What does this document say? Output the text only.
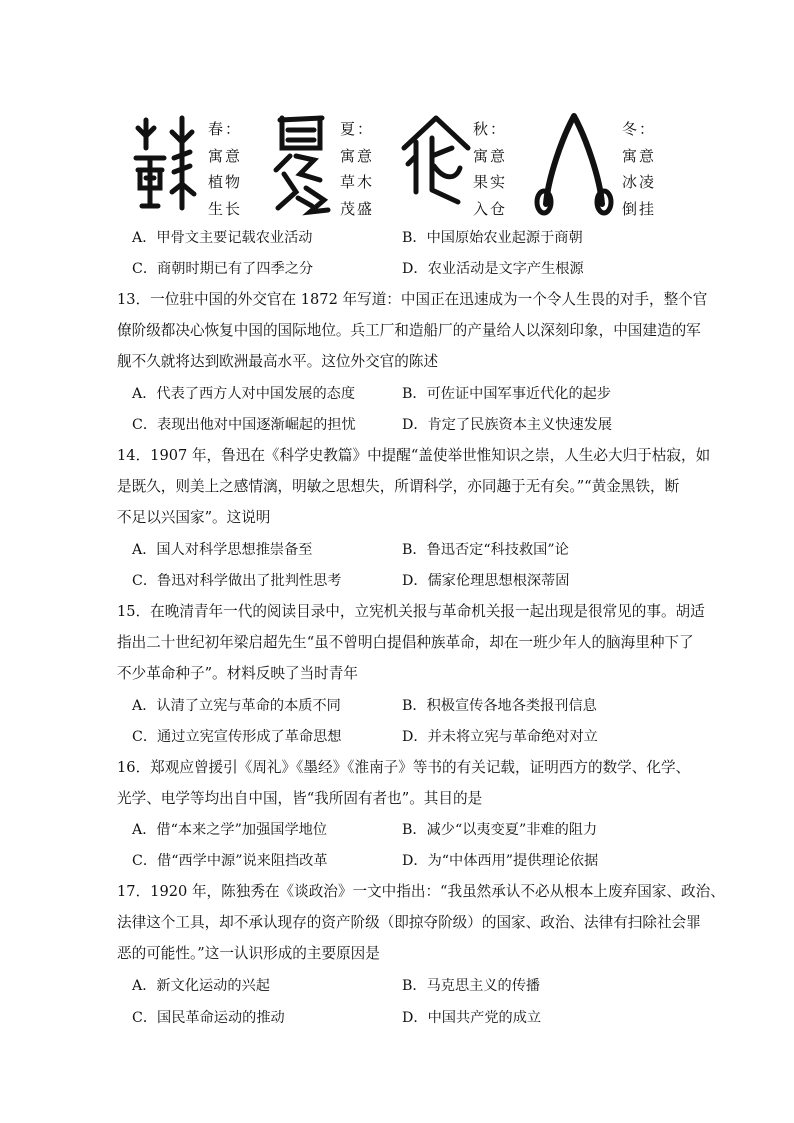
春：
寓意
植物
生长
夏：
寓意
草木
茂盛
秋：
寓意
果实
入仓
冬：
寓意
冰凌
倒挂
A．甲骨文主要记载农业活动	B．中国原始农业起源于商朝
C．商朝时期已有了四季之分	D．农业活动是文字产生根源
13．一位驻中国的外交官在 1872 年写道：中国正在迅速成为一个令人生畏的对手，整个官
僚阶级都决心恢复中国的国际地位。兵工厂和造船厂的产量给人以深刻印象，中国建造的军
舰不久就将达到欧洲最高水平。这位外交官的陈述
A．代表了西方人对中国发展的态度	B．可佐证中国军事近代化的起步
C．表现出他对中国逐渐崛起的担忧	D．肯定了民族资本主义快速发展
14．1907 年，鲁迅在《科学史教篇》中提醒“盖使举世惟知识之崇，人生必大归于枯寂，如
是既久，则美上之感情漓，明敏之思想失，所谓科学，亦同趣于无有矣。”“黄金黑铁，断
不足以兴国家”。这说明
A．国人对科学思想推崇备至	B．鲁迅否定“科技救国”论
C．鲁迅对科学做出了批判性思考	D．儒家伦理思想根深蒂固
15．在晚清青年一代的阅读目录中，立宪机关报与革命机关报一起出现是很常见的事。胡适
指出二十世纪初年梁启超先生“虽不曾明白提倡种族革命，却在一班少年人的脑海里种下了
不少革命种子”。材料反映了当时青年
A．认清了立宪与革命的本质不同	B．积极宣传各地各类报刊信息
C．通过立宪宣传形成了革命思想	D．并未将立宪与革命绝对对立
16．郑观应曾援引《周礼》《墨经》《淮南子》等书的有关记载，证明西方的数学、化学、
光学、电学等均出自中国，皆“我所固有者也”。其目的是
A．借“本来之学”加强国学地位	B．减少“以夷变夏”非难的阻力
C．借“西学中源”说来阻挡改革	D．为“中体西用”提供理论依据
17．1920 年，陈独秀在《谈政治》一文中指出：“我虽然承认不必从根本上废弃国家、政治、
法律这个工具，却不承认现存的资产阶级（即掠夺阶级）的国家、政治、法律有扫除社会罪
恶的可能性。”这一认识形成的主要原因是
A．新文化运动的兴起	B．马克思主义的传播
C．国民革命运动的推动	D．中国共产党的成立
